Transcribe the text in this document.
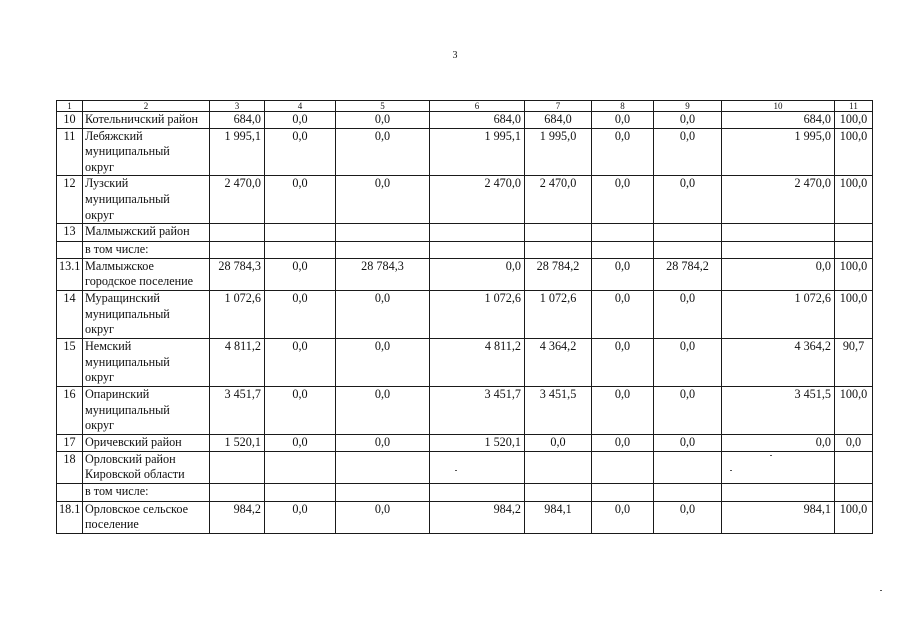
3
1	2	3	4	5	6	7	8	9	10	11
10	Котельничский район	684,0	0,0	0,0	684,0	684,0	0,0	0,0	684,0	100,0
11	Лебяжский
муниципальный
округ	1 995,1	0,0	0,0	1 995,1	1 995,0	0,0	0,0	1 995,0	100,0
12	Лузский
муниципальный
округ	2 470,0	0,0	0,0	2 470,0	2 470,0	0,0	0,0	2 470,0	100,0
13	Малмыжский район									

	в том числе:									

13.1	Малмыжское
городское поселение	28 784,3	0,0	28 784,3	0,0	28 784,2	0,0	28 784,2	0,0	100,0
14	Муращинский
муниципальный
округ	1 072,6	0,0	0,0	1 072,6	1 072,6	0,0	0,0	1 072,6	100,0
15	Немский
муниципальный
округ	4 811,2	0,0	0,0	4 811,2	4 364,2	0,0	0,0	4 364,2	90,7
16	Опаринский
муниципальный
округ	3 451,7	0,0	0,0	3 451,7	3 451,5	0,0	0,0	3 451,5	100,0
17	Оричевский район	1 520,1	0,0	0,0	1 520,1	0,0	0,0	0,0	0,0	0,0
18	Орловский район
Кировской области									

	в том числе:									

18.1	Орловское сельское
поселение	984,2	0,0	0,0	984,2	984,1	0,0	0,0	984,1	100,0
